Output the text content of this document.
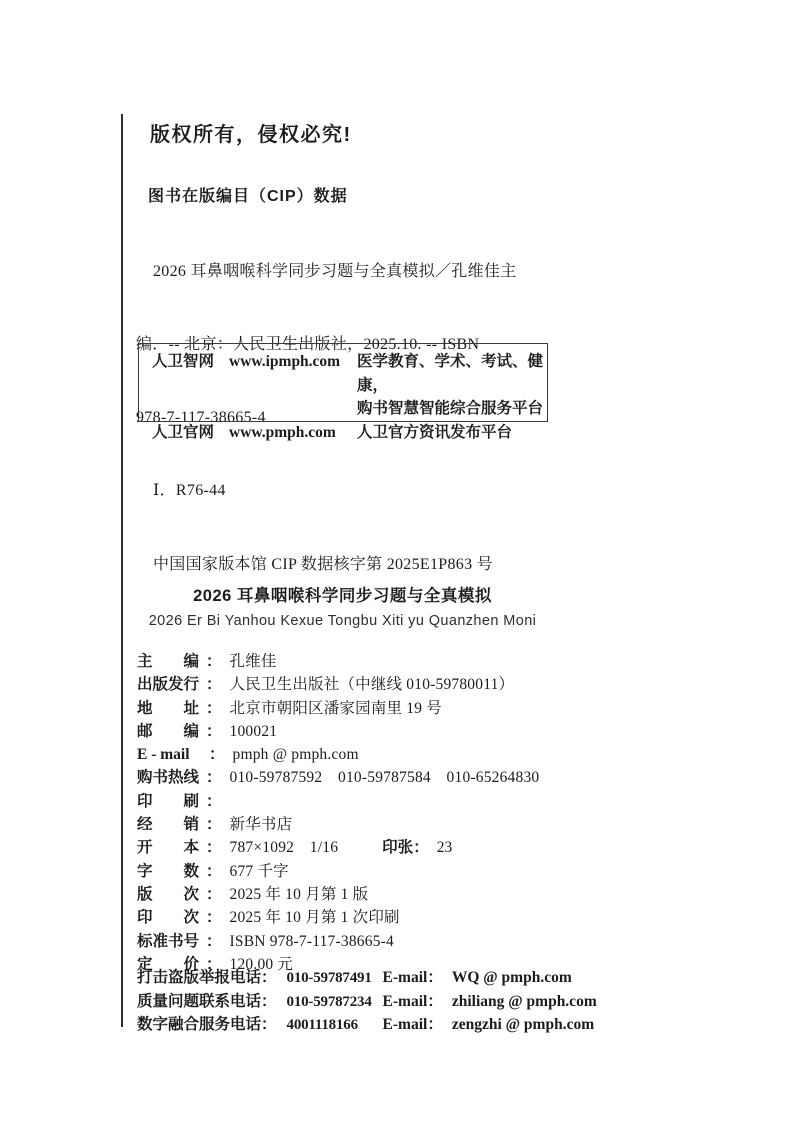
版权所有，侵权必究!
图书在版编目（CIP）数据

2026 耳鼻咽喉科学同步习题与全真模拟／孔维佳主

编．-- 北京：人民卫生出版社，2025.10. -- ISBN

978-7-117-38665-4

Ⅰ．R76-44

中国国家版本馆 CIP 数据核字第 2025E1P863 号

人卫智网 www.ipmph.com	医学教育、学术、考试、健康，
购书智慧智能综合服务平台
人卫官网 www.pmph.com	人卫官方资讯发布平台
2026 耳鼻咽喉科学同步习题与全真模拟
2026 Er Bi Yanhou Kexue Tongbu Xiti yu Quanzhen Moni
主　　编 ： 孔维佳
出版发行 ： 人民卫生出版社（中继线 010-59780011）
地　　址 ： 北京市朝阳区潘家园南里 19 号
邮　　编 ： 100021
E - mail	： pmph @ pmph.com
购书热线 ： 010-59787592　010-59787584　010-65264830
印　　刷 ：
经　　销 ： 新华书店
开　　本 ： 787×1092　1/16	印张 ： 23
字　　数 ： 677 千字
版　　次 ： 2025 年 10 月第 1 版
印　　次 ： 2025 年 10 月第 1 次印刷
标准书号 ： ISBN 978-7-117-38665-4
定　　价 ： 120.00 元
打击盗版举报电话 ： 010-59787491 E-mail ： WQ @ pmph.com
质量问题联系电话 ： 010-59787234 E-mail ： zhiliang @ pmph.com
数字融合服务电话 ： 4001118166	E-mail ： zengzhi @ pmph.com
